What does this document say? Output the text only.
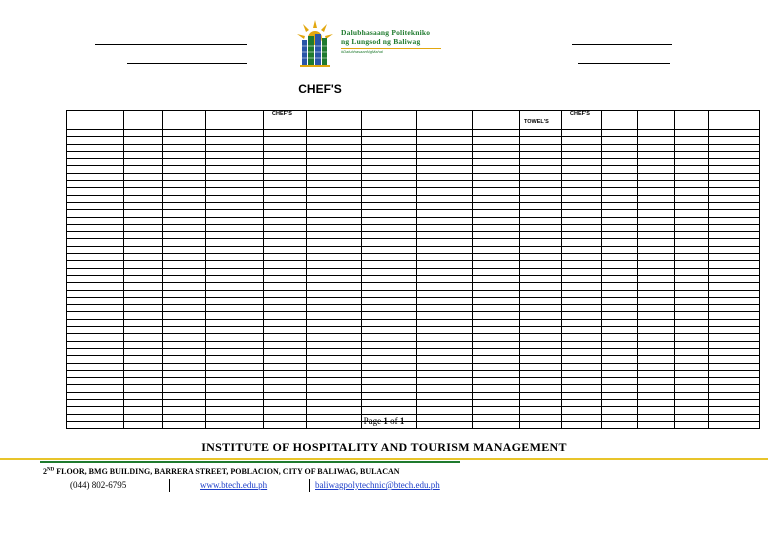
Dalubhasaang Politekniko
ng Lungsod ng Baliwag
#DalubhasaanNgMahal
CHEF'S

				CHEF'S					TOWEL'S	CHEF'S				

Page 1 of 1
INSTITUTE OF HOSPITALITY AND TOURISM MANAGEMENT
2ND FLOOR, BMG BUILDING, BARRERA STREET, POBLACION, CITY OF BALIWAG, BULACAN
(044) 802-6795	www.btech.edu.ph	baliwagpolytechnic@btech.edu.ph
